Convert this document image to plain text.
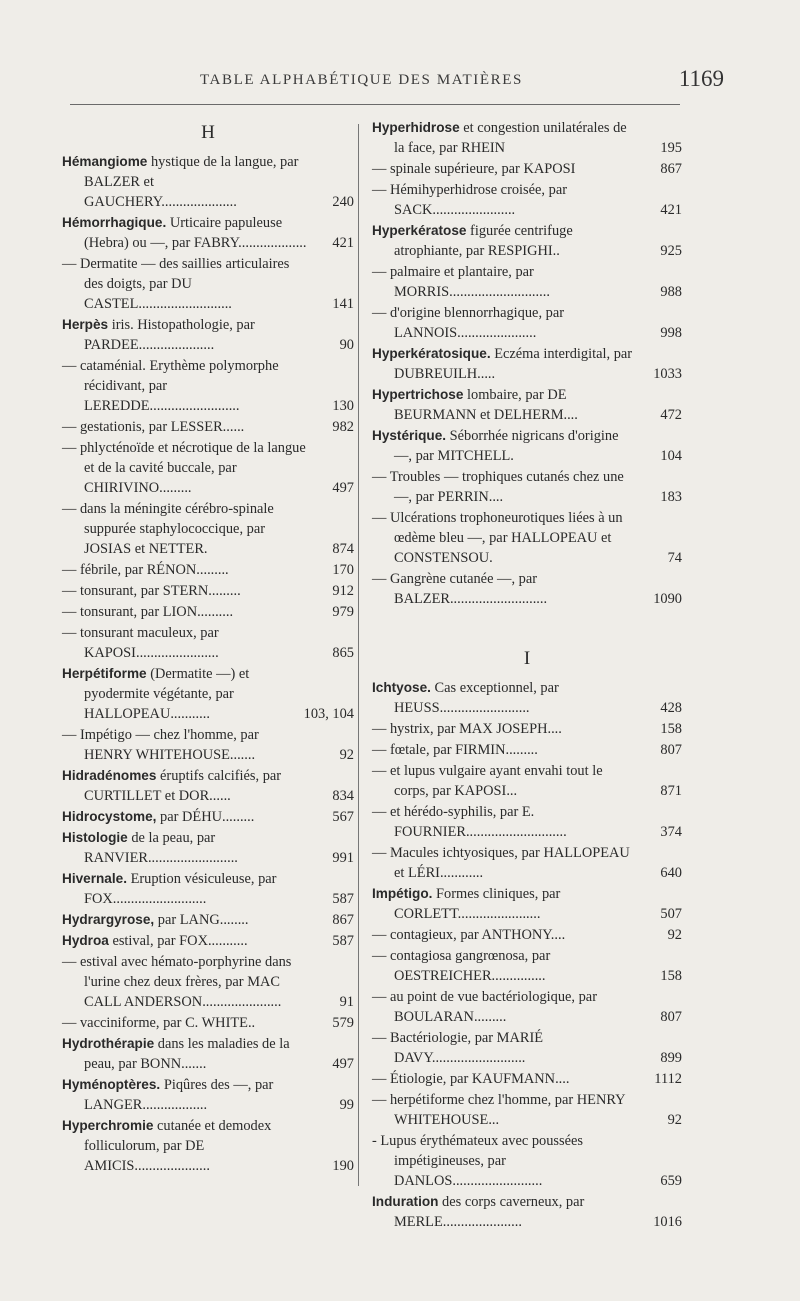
TABLE ALPHABÉTIQUE DES MATIÈRES	1169
H
Hémangiome hystique de la langue, par BALZER et GAUCHERY.....................	240
Hémorrhagique. Urticaire papuleuse (Hebra) ou —, par FABRY................... 421
— Dermatite — des saillies articulaires des doigts, par DU CASTEL..........................	141
Herpès iris. Histopathologie, par PARDEE.....................	90
— cataménial. Erythème polymorphe récidivant, par LEREDDE.........................	130
— gestationis, par LESSER......	982
— phlycténoïde et nécrotique de la langue et de la cavité buccale, par CHIRIVINO.........	497
— dans la méningite cérébro-spinale suppurée staphylococcique, par JOSIAS et NETTER.	874
— fébrile, par RÉNON.........	170
— tonsurant, par STERN.........	912
— tonsurant, par LION..........	979
— tonsurant maculeux, par KAPOSI.......................	865
Herpétiforme (Dermatite —) et pyodermite végétante, par HALLOPEAU...........	103, 104
— Impétigo — chez l'homme, par HENRY WHITEHOUSE.......	92
Hidradénomes éruptifs calcifiés, par CURTILLET et DOR......	834
Hidrocystome, par DÉHU.........	567
Histologie de la peau, par RANVIER.........................	991
Hivernale. Eruption vésiculeuse, par FOX..........................	587
Hydrargyrose, par LANG........	867
Hydroa estival, par FOX...........	587
— estival avec hémato-porphyrine dans l'urine chez deux frères, par MAC CALL ANDERSON......................	91
— vacciniforme, par C. WHITE..	579
Hydrothérapie dans les maladies de la peau, par BONN.......	497
Hyménoptères. Piqûres des —, par LANGER..................	99
Hyperchromie cutanée et demodex folliculorum, par DE AMICIS.....................	190
Hyperhidrose et congestion unilatérales de la face, par RHEIN	195
— spinale supérieure, par KAPOSI	867
— Hémihyperhidrose croisée, par SACK.......................	421
Hyperkératose figurée centrifuge atrophiante, par RESPIGHI..	925
— palmaire et plantaire, par MORRIS............................	988
— d'origine blennorrhagique, par LANNOIS......................	998
Hyperkératosique. Eczéma interdigital, par DUBREUILH.....	1033
Hypertrichose lombaire, par DE BEURMANN et DELHERM....	472
Hystérique. Séborrhée nigricans d'origine —, par MITCHELL.	104
— Troubles — trophiques cutanés chez une —, par PERRIN....	183
— Ulcérations trophoneurotiques liées à un œdème bleu —, par HALLOPEAU et CONSTENSOU.	74
— Gangrène cutanée —, par BALZER...........................	1090
I
Ichtyose. Cas exceptionnel, par HEUSS.........................	428
— hystrix, par MAX JOSEPH....	158
— fœtale, par FIRMIN.........	807
— et lupus vulgaire ayant envahi tout le corps, par KAPOSI...	871
— et hérédo-syphilis, par E. FOURNIER............................	374
— Macules ichtyosiques, par HALLOPEAU et LÉRI............	640
Impétigo. Formes cliniques, par CORLETT.......................	507
— contagieux, par ANTHONY....	92
— contagiosa gangrœnosa, par OESTREICHER...............	158
— au point de vue bactériologique, par BOULARAN.........	807
— Bactériologie, par MARIÉ DAVY..........................	899
— Étiologie, par KAUFMANN....	1112
— herpétiforme chez l'homme, par HENRY WHITEHOUSE...	92
- Lupus érythémateux avec poussées impétigineuses, par DANLOS.........................	659
Induration des corps caverneux, par MERLE......................	1016
